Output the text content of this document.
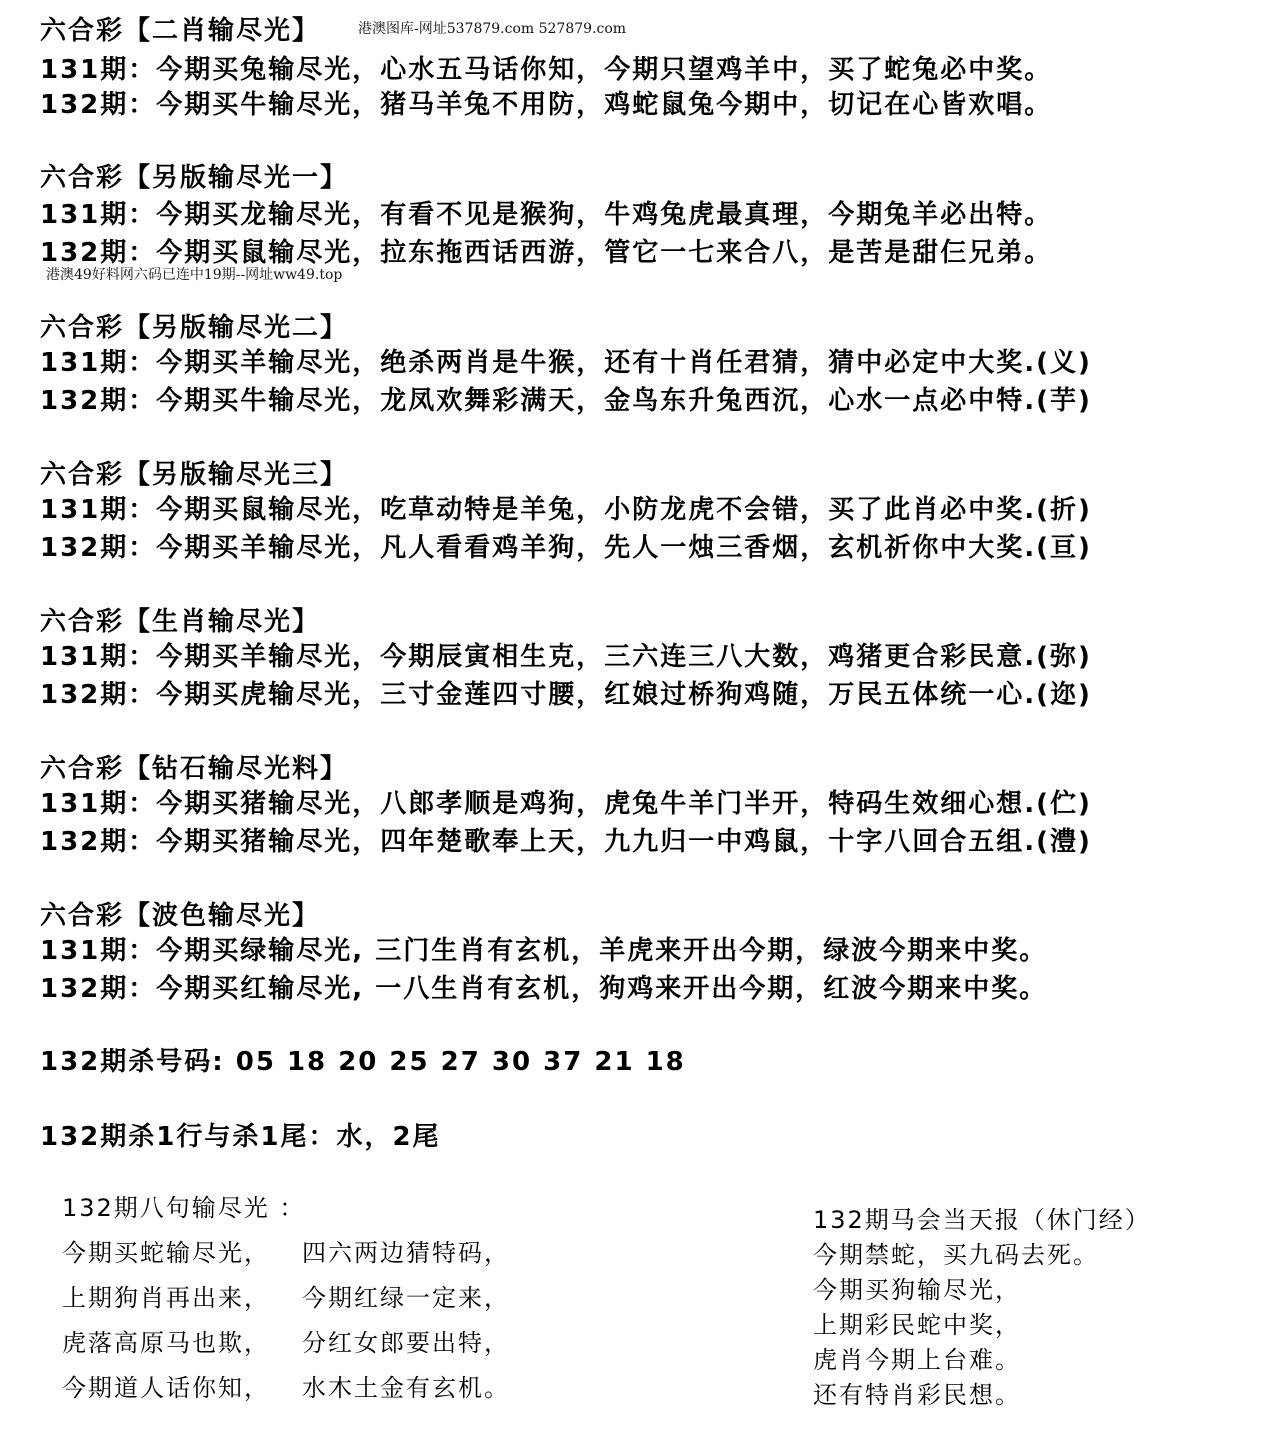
港澳图库-网址537879.com 527879.com
港澳49好料网六码已连中19期--网址ww49.top
六合彩【二肖输尽光】
131期：今期买兔输尽光，心水五马话你知，今期只望鸡羊中，买了蛇兔必中奖。
132期：今期买牛输尽光，猪马羊兔不用防，鸡蛇鼠兔今期中，切记在心皆欢唱。
六合彩【另版输尽光一】
131期：今期买龙输尽光，有看不见是猴狗，牛鸡兔虎最真理，今期兔羊必出特。
132期：今期买鼠输尽光，拉东拖西话西游，管它一七来合八，是苦是甜仨兄弟。
六合彩【另版输尽光二】
131期：今期买羊输尽光，绝杀两肖是牛猴，还有十肖任君猜，猜中必定中大奖.(义)
132期：今期买牛输尽光，龙凤欢舞彩满天，金鸟东升兔西沉，心水一点必中特.(芋)
六合彩【另版输尽光三】
131期：今期买鼠输尽光，吃草动特是羊兔，小防龙虎不会错，买了此肖必中奖.(折)
132期：今期买羊输尽光，凡人看看鸡羊狗，先人一烛三香烟，玄机祈你中大奖.(亘)
六合彩【生肖输尽光】
131期：今期买羊输尽光，今期辰寅相生克，三六连三八大数，鸡猪更合彩民意.(弥)
132期：今期买虎输尽光，三寸金莲四寸腰，红娘过桥狗鸡随，万民五体统一心.(迩)
六合彩【钻石输尽光料】
131期：今期买猪输尽光，八郎孝顺是鸡狗，虎兔牛羊门半开，特码生效细心想.(伫)
132期：今期买猪输尽光，四年楚歌奉上天，九九归一中鸡鼠，十字八回合五组.(澧)
六合彩【波色输尽光】
131期：今期买绿输尽光, 三门生肖有玄机，羊虎来开出今期，绿波今期来中奖。
132期：今期买红输尽光, 一八生肖有玄机，狗鸡来开出今期，红波今期来中奖。
132期杀号码: 05 18 20 25 27 30 37 21 18
132期杀1行与杀1尾：水，2尾
132期八句输尽光 ：
今期买蛇输尽光， 四六两边猜特码，
上期狗肖再出来， 今期红绿一定来，
虎落高原马也欺， 分红女郎要出特，
今期道人话你知， 水木土金有玄机。
132期马会当天报（休门经）
今期禁蛇，买九码去死。
今期买狗输尽光，
上期彩民蛇中奖，
虎肖今期上台难。
还有特肖彩民想。
